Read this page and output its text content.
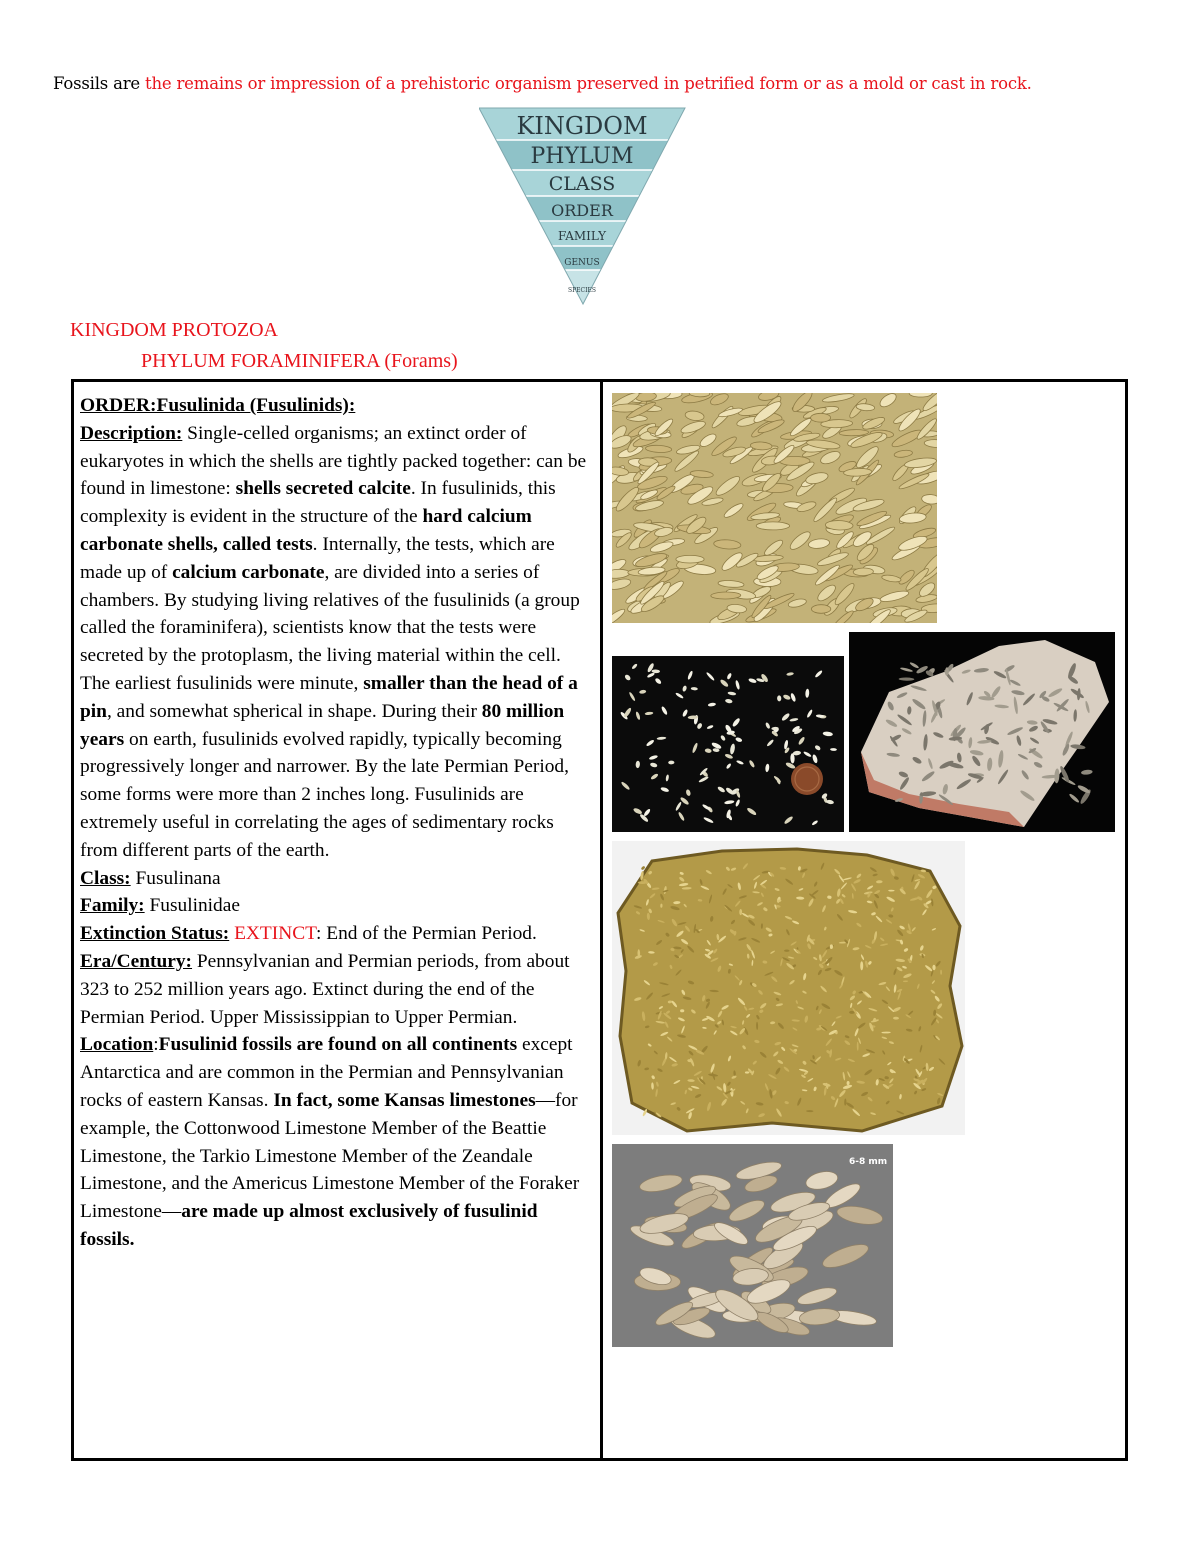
Fossils are the remains or impression of a prehistoric organism preserved in petrified form or as a mold or cast in rock.
KINGDOM
PHYLUM
CLASS
ORDER
FAMILY
GENUS
SPECIES
KINGDOM PROTOZOA
PHYLUM FORAMINIFERA (Forams)

ORDER:Fusulinida (Fusulinids):
Description: Single-celled organisms; an extinct order of eukaryotes in which the shells are tightly packed together: can be found in limestone: shells secreted calcite. In fusulinids, this complexity is evident in the structure of the hard calcium carbonate shells, called tests. Internally, the tests, which are made up of calcium carbonate, are divided into a series of chambers. By studying living relatives of the fusulinids (a group called the foraminifera), scientists know that the tests were secreted by the protoplasm, the living material within the cell. The earliest fusulinids were minute, smaller than the head of a pin, and somewhat spherical in shape. During their 80 million years on earth, fusulinids evolved rapidly, typically becoming progressively longer and narrower. By the late Permian Period, some forms were more than 2 inches long. Fusulinids are extremely useful in correlating the ages of sedimentary rocks from different parts of the earth.

Class: Fusulinana

Family: Fusulinidae

Extinction Status: EXTINCT: End of the Permian Period.

Era/Century: Pennsylvanian and Permian periods, from about 323 to 252 million years ago. Extinct during the end of the Permian Period. Upper Mississippian to Upper Permian.

Location:Fusulinid fossils are found on all continents except Antarctica and are common in the Permian and Pennsylvanian rocks of eastern Kansas. In fact, some Kansas limestones—for example, the Cottonwood Limestone Member of the Beattie Limestone, the Tarkio Limestone Member of the Zeandale Limestone, and the Americus Limestone Member of the Foraker Limestone—are made up almost exclusively of fusulinid fossils.

6-8 mm
